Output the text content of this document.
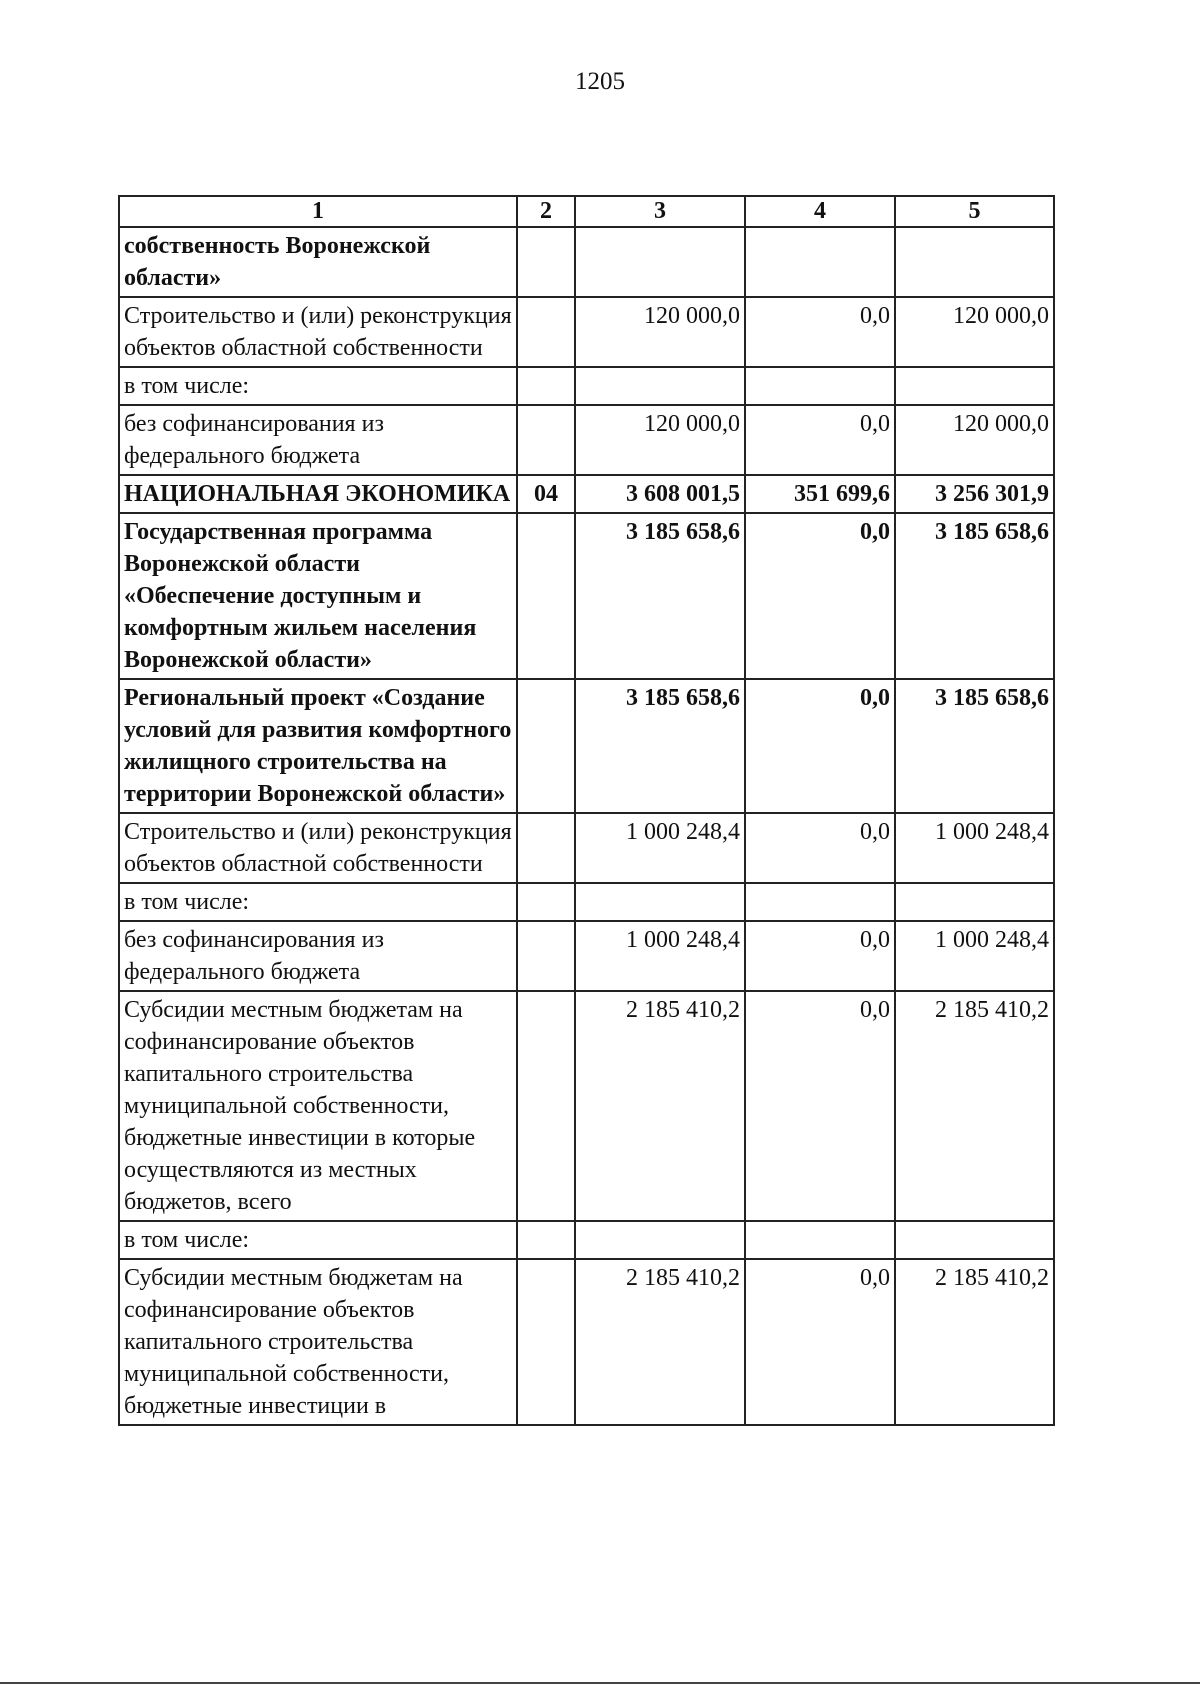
1205
1	2	3	4	5
собственность Воронежской области»				
Строительство и (или) реконструкция объектов областной собственности		120 000,0	0,0	120 000,0
в том числе:				
без софинансирования из федерального бюджета		120 000,0	0,0	120 000,0
НАЦИОНАЛЬНАЯ ЭКОНОМИКА	04	3 608 001,5	351 699,6	3 256 301,9
Государственная программа Воронежской области «Обеспечение доступным и комфортным жильем населения Воронежской области»		3 185 658,6	0,0	3 185 658,6
Региональный проект «Создание условий для развития комфортного жилищного строительства на территории Воронежской области»		3 185 658,6	0,0	3 185 658,6
Строительство и (или) реконструкция объектов областной собственности		1 000 248,4	0,0	1 000 248,4
в том числе:				
без софинансирования из федерального бюджета		1 000 248,4	0,0	1 000 248,4
Субсидии местным бюджетам на софинансирование объектов капитального строительства муниципальной собственности, бюджетные инвестиции в которые осуществляются из местных бюджетов, всего		2 185 410,2	0,0	2 185 410,2
в том числе:				
Субсидии местным бюджетам на софинансирование объектов капитального строительства муниципальной собственности, бюджетные инвестиции в		2 185 410,2	0,0	2 185 410,2
